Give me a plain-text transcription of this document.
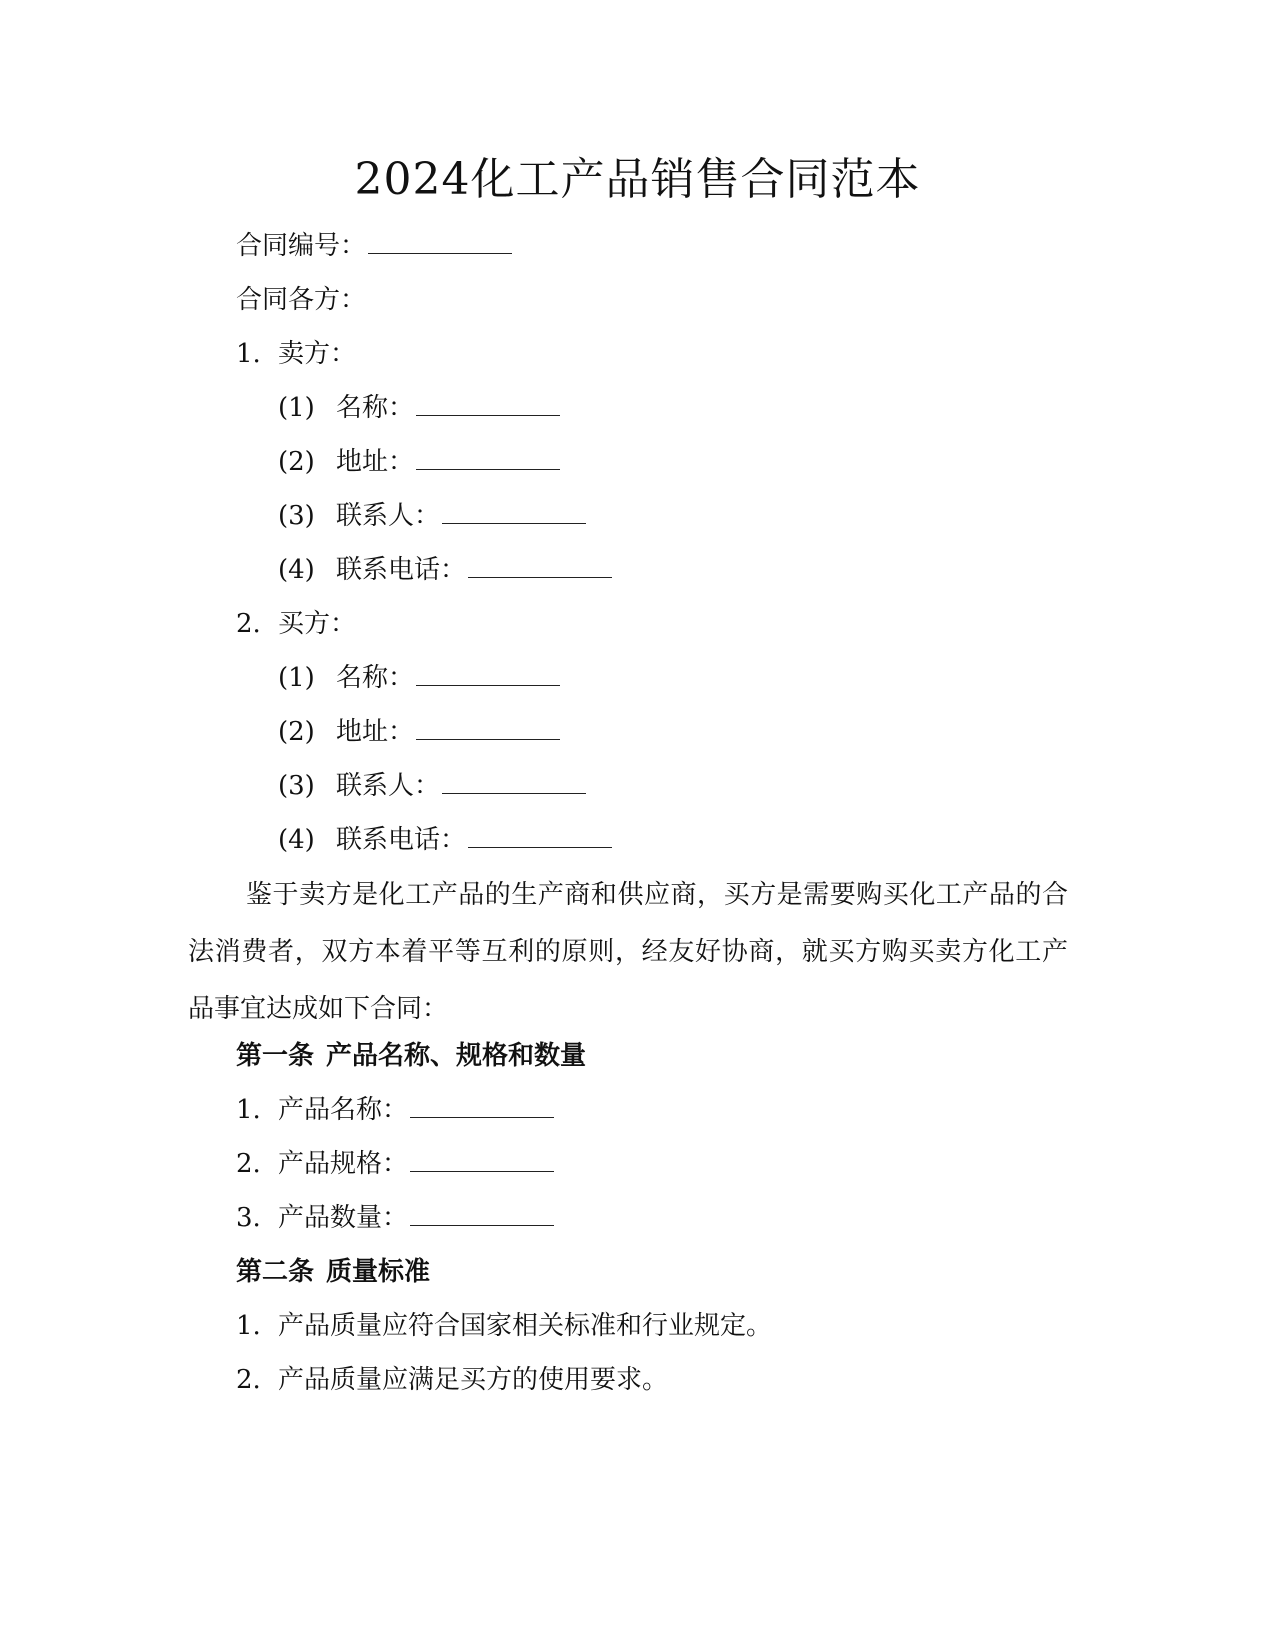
2024化工产品销售合同范本
合同编号：
合同各方：
1. 卖方：
(1) 名称：
(2) 地址：
(3) 联系人：
(4) 联系电话：
2. 买方：
(1) 名称：
(2) 地址：
(3) 联系人：
(4) 联系电话：
鉴于卖方是化工产品的生产商和供应商，买方是需要购买化工产品的合法消费者，双方本着平等互利的原则，经友好协商，就买方购买卖方化工产品事宜达成如下合同：
第一条 产品名称、规格和数量
1. 产品名称：
2. 产品规格：
3. 产品数量：
第二条 质量标准
1. 产品质量应符合国家相关标准和行业规定。
2. 产品质量应满足买方的使用要求。
